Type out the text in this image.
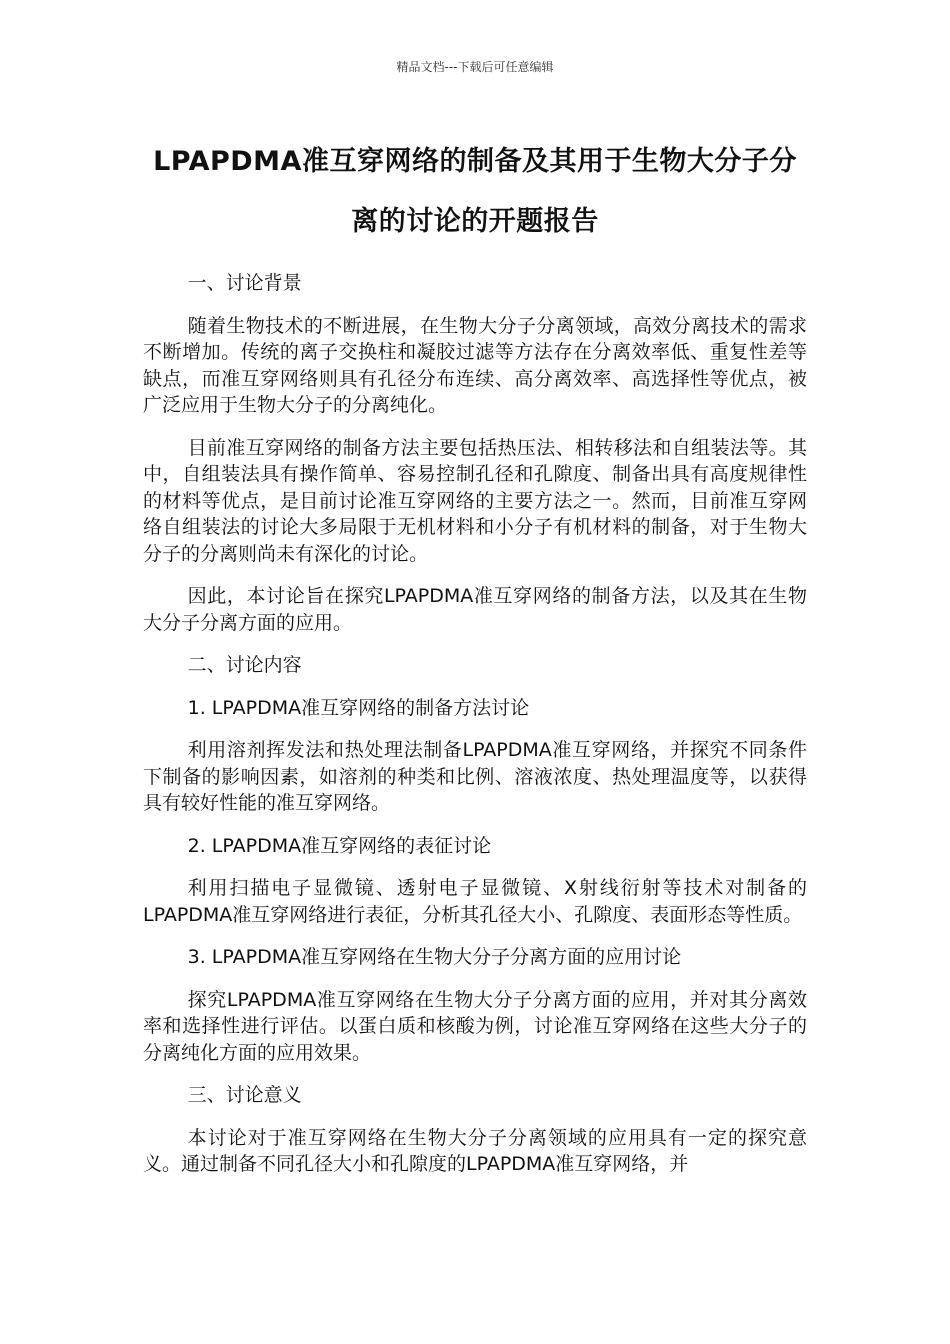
精品文档---下载后可任意编辑
LPAPDMA准互穿网络的制备及其用于生物大分子分离的讨论的开题报告

一、讨论背景

随着生物技术的不断进展，在生物大分子分离领域，高效分离技术的需求不断增加。传统的离子交换柱和凝胶过滤等方法存在分离效率低、重复性差等缺点，而准互穿网络则具有孔径分布连续、高分离效率、高选择性等优点，被广泛应用于生物大分子的分离纯化。

目前准互穿网络的制备方法主要包括热压法、相转移法和自组装法等。其中，自组装法具有操作简单、容易控制孔径和孔隙度、制备出具有高度规律性的材料等优点，是目前讨论准互穿网络的主要方法之一。然而，目前准互穿网络自组装法的讨论大多局限于无机材料和小分子有机材料的制备，对于生物大分子的分离则尚未有深化的讨论。

因此，本讨论旨在探究LPAPDMA准互穿网络的制备方法，以及其在生物大分子分离方面的应用。

二、讨论内容

1. LPAPDMA准互穿网络的制备方法讨论

利用溶剂挥发法和热处理法制备LPAPDMA准互穿网络，并探究不同条件下制备的影响因素，如溶剂的种类和比例、溶液浓度、热处理温度等，以获得具有较好性能的准互穿网络。

2. LPAPDMA准互穿网络的表征讨论

利用扫描电子显微镜、透射电子显微镜、X射线衍射等技术对制备的LPAPDMA准互穿网络进行表征，分析其孔径大小、孔隙度、表面形态等性质。

3. LPAPDMA准互穿网络在生物大分子分离方面的应用讨论

探究LPAPDMA准互穿网络在生物大分子分离方面的应用，并对其分离效率和选择性进行评估。以蛋白质和核酸为例，讨论准互穿网络在这些大分子的分离纯化方面的应用效果。

三、讨论意义

本讨论对于准互穿网络在生物大分子分离领域的应用具有一定的探究意义。通过制备不同孔径大小和孔隙度的LPAPDMA准互穿网络，并
